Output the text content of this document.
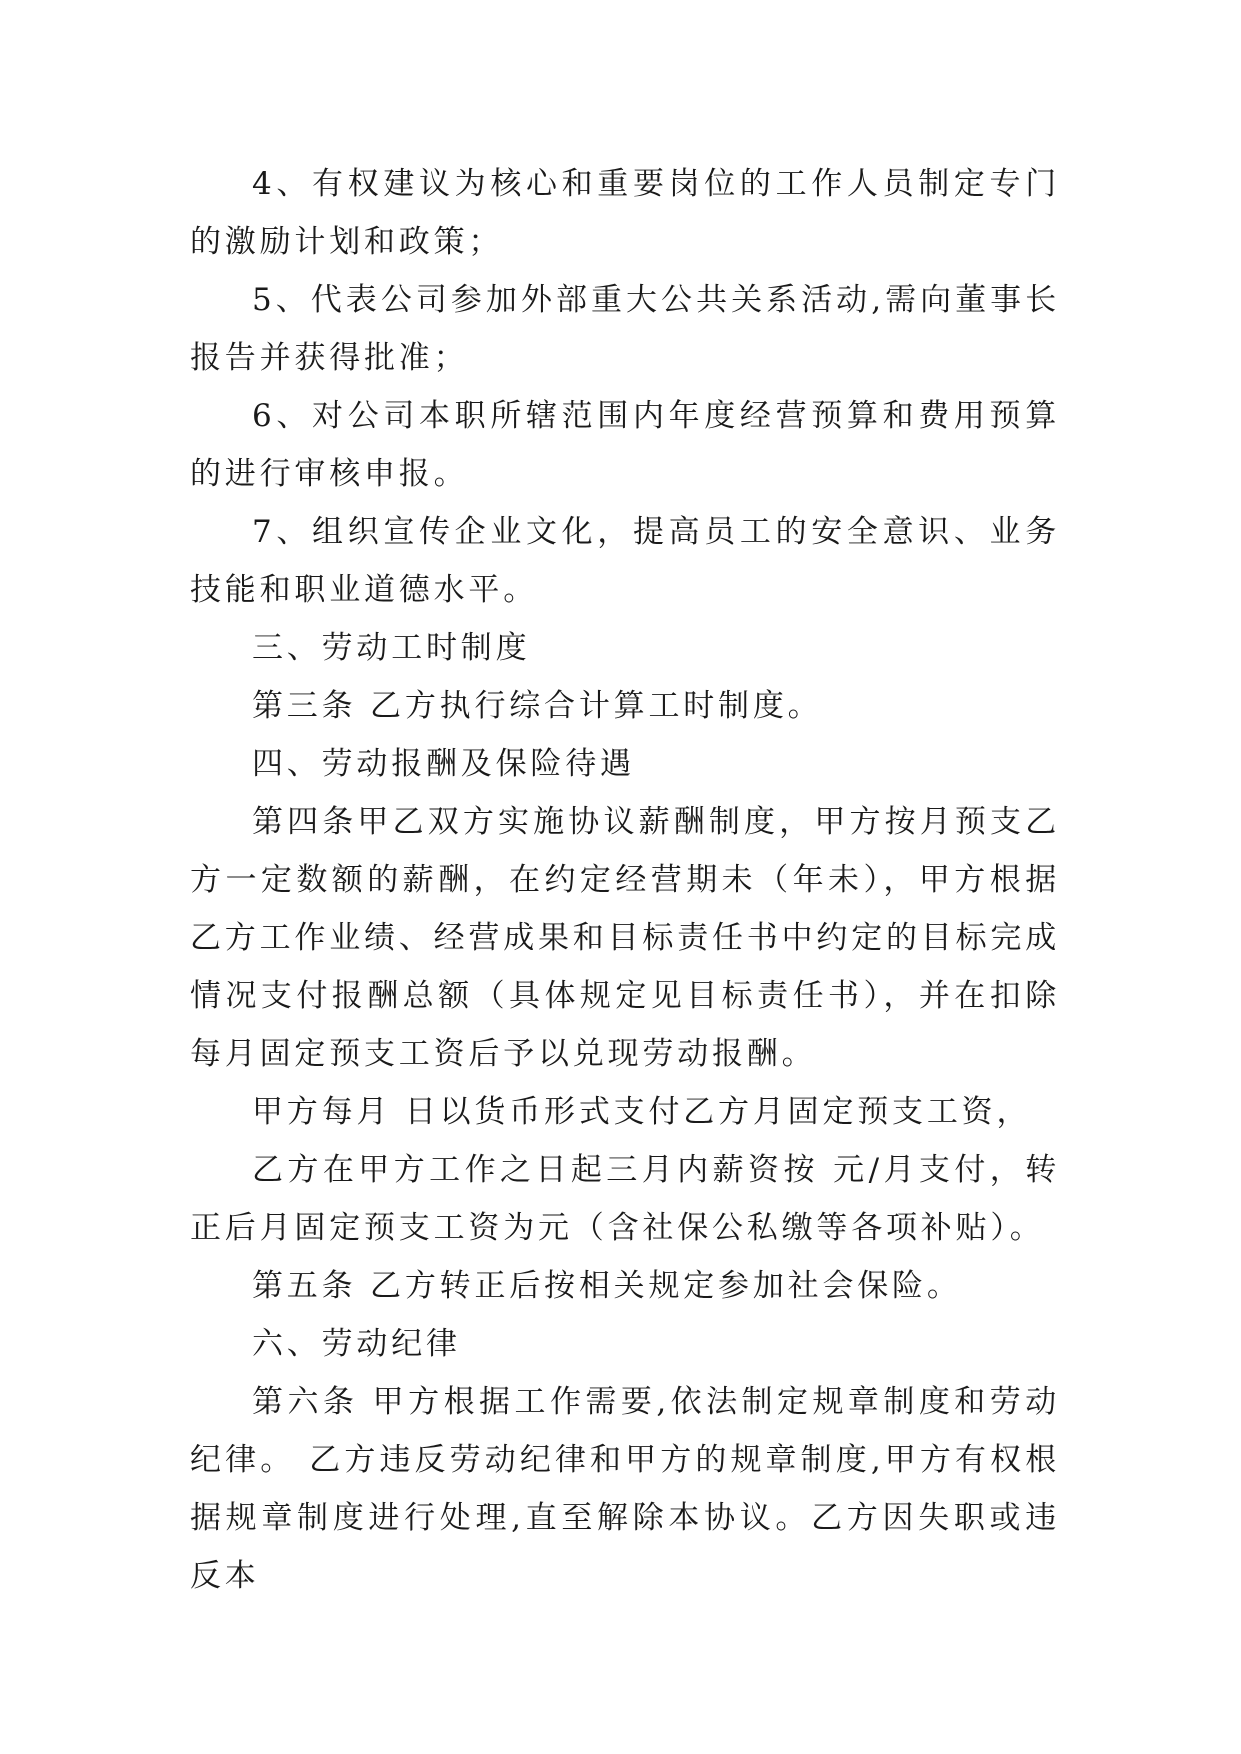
4、有权建议为核心和重要岗位的工作人员制定专门的激励计划和政策；

5、代表公司参加外部重大公共关系活动,需向董事长报告并获得批准；

6、对公司本职所辖范围内年度经营预算和费用预算的进行审核申报。

7、组织宣传企业文化，提高员工的安全意识、业务技能和职业道德水平。

三、劳动工时制度

第三条 乙方执行综合计算工时制度。

四、劳动报酬及保险待遇

第四条甲乙双方实施协议薪酬制度，甲方按月预支乙方一定数额的薪酬，在约定经营期未（年未），甲方根据乙方工作业绩、经营成果和目标责任书中约定的目标完成情况支付报酬总额（具体规定见目标责任书），并在扣除每月固定预支工资后予以兑现劳动报酬。

甲方每月 日以货币形式支付乙方月固定预支工资，

乙方在甲方工作之日起三月内薪资按 元/月支付，转正后月固定预支工资为元（含社保公私缴等各项补贴）。

第五条 乙方转正后按相关规定参加社会保险。

六、劳动纪律

第六条 甲方根据工作需要,依法制定规章制度和劳动纪律。 乙方违反劳动纪律和甲方的规章制度,甲方有权根据规章制度进行处理,直至解除本协议。乙方因失职或违反本
